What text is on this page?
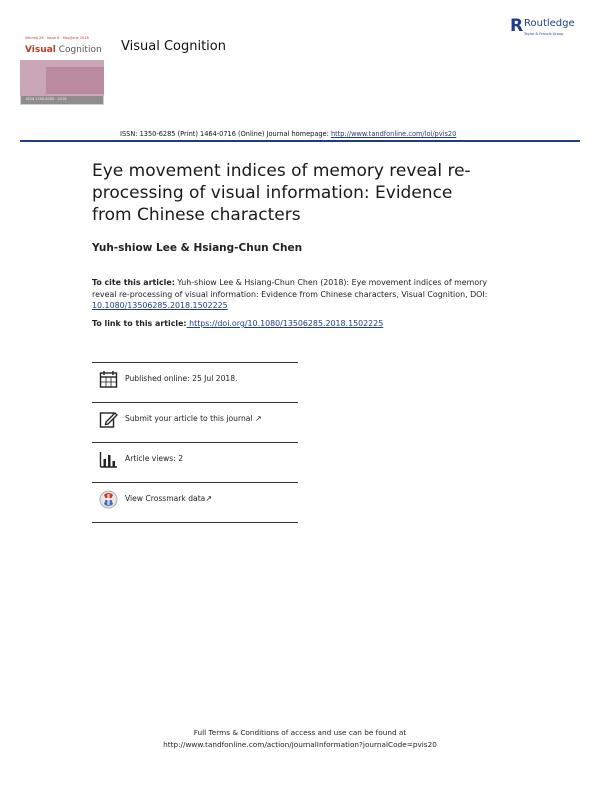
Volume 26 · Issue 8 · May/June 2018
Visual Cognition
ISSN 1350-6285 · 2018
Visual Cognition
R Routledge
Taylor & Francis Group
ISSN: 1350-6285 (Print) 1464-0716 (Online) Journal homepage: http://www.tandfonline.com/loi/pvis20
Eye movement indices of memory reveal re-processing of visual information: Evidence from Chinese characters
Yuh-shiow Lee & Hsiang-Chun Chen
To cite this article: Yuh-shiow Lee & Hsiang-Chun Chen (2018): Eye movement indices of memory reveal re-processing of visual information: Evidence from Chinese characters, Visual Cognition, DOI: 10.1080/13506285.2018.1502225
To link to this article: https://doi.org/10.1080/13506285.2018.1502225
Published online: 25 Jul 2018.
Submit your article to this journal ↗
Article views: 2
View Crossmark data↗
Full Terms & Conditions of access and use can be found at
http://www.tandfonline.com/action/journalInformation?journalCode=pvis20
